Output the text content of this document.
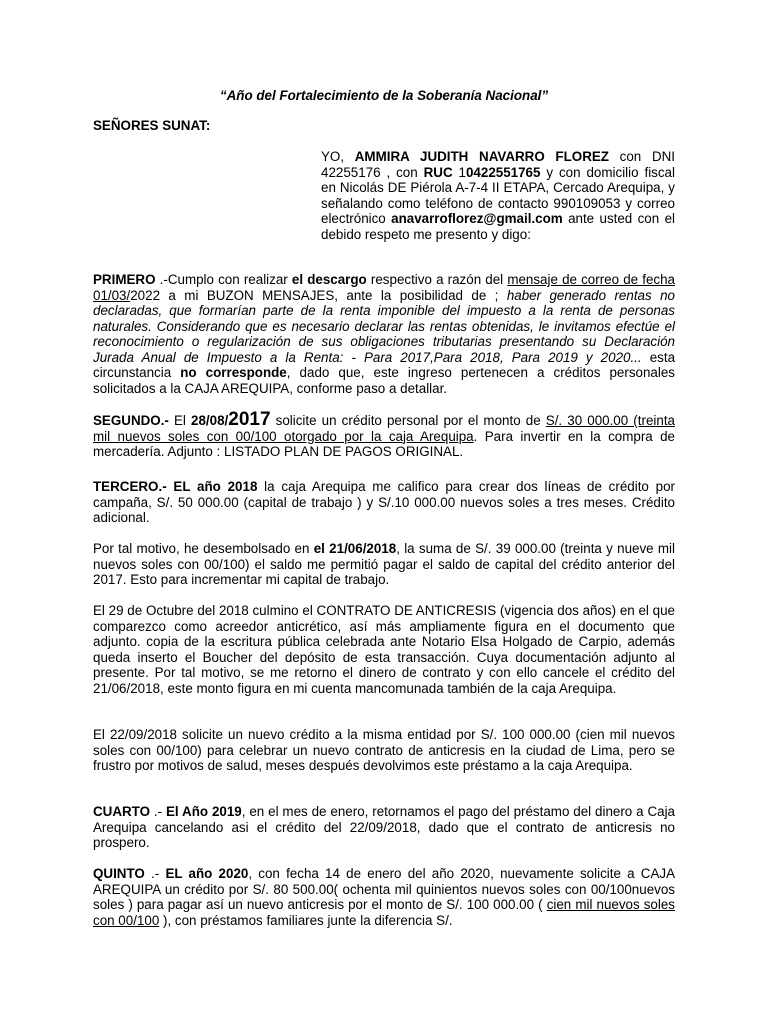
“Año del Fortalecimiento de la Soberanía Nacional”

SEÑORES SUNAT:

YO, AMMIRA JUDITH NAVARRO FLOREZ con DNI 42255176 , con RUC 10422551765 y con domicilio fiscal en Nicolás DE Piérola A-7-4 II ETAPA, Cercado Arequipa, y señalando como teléfono de contacto 990109053 y correo electrónico anavarroflorez@gmail.com ante usted con el debido respeto me presento y digo:

PRIMERO .-Cumplo con realizar el descargo respectivo a razón del mensaje de correo de fecha 01/03/2022 a mi BUZON MENSAJES, ante la posibilidad de ; haber generado rentas no declaradas, que formarían parte de la renta imponible del impuesto a la renta de personas naturales. Considerando que es necesario declarar las rentas obtenidas, le invitamos efectúe el reconocimiento o regularización de sus obligaciones tributarias presentando su Declaración Jurada Anual de Impuesto a la Renta: - Para 2017,Para 2018, Para 2019 y 2020... esta circunstancia no corresponde, dado que, este ingreso pertenecen a créditos personales solicitados a la CAJA AREQUIPA, conforme paso a detallar.

SEGUNDO.- El 28/08/2017 solicite un crédito personal por el monto de S/. 30 000.00 (treinta mil nuevos soles con 00/100 otorgado por la caja Arequipa. Para invertir en la compra de mercadería. Adjunto : LISTADO PLAN DE PAGOS ORIGINAL.

TERCERO.- EL año 2018 la caja Arequipa me califico para crear dos líneas de crédito por campaña, S/. 50 000.00 (capital de trabajo ) y S/.10 000.00 nuevos soles a tres meses. Crédito adicional.

Por tal motivo, he desembolsado en el 21/06/2018, la suma de S/. 39 000.00 (treinta y nueve mil nuevos soles con 00/100) el saldo me permitió pagar el saldo de capital del crédito anterior del 2017. Esto para incrementar mi capital de trabajo.

El 29 de Octubre del 2018 culmino el CONTRATO DE ANTICRESIS (vigencia dos años) en el que comparezco como acreedor anticrético, así más ampliamente figura en el documento que adjunto. copia de la escritura pública celebrada ante Notario Elsa Holgado de Carpio, además queda inserto el Boucher del depósito de esta transacción. Cuya documentación adjunto al presente. Por tal motivo, se me retorno el dinero de contrato y con ello cancele el crédito del 21/06/2018, este monto figura en mi cuenta mancomunada también de la caja Arequipa.

El 22/09/2018 solicite un nuevo crédito a la misma entidad por S/. 100 000.00 (cien mil nuevos soles con 00/100) para celebrar un nuevo contrato de anticresis en la ciudad de Lima, pero se frustro por motivos de salud, meses después devolvimos este préstamo a la caja Arequipa.

CUARTO .- El Año 2019, en el mes de enero, retornamos el pago del préstamo del dinero a Caja Arequipa cancelando asi el crédito del 22/09/2018, dado que el contrato de anticresis no prospero.

QUINTO .- EL año 2020, con fecha 14 de enero del año 2020, nuevamente solicite a CAJA AREQUIPA un crédito por S/. 80 500.00( ochenta mil quinientos nuevos soles con 00/100nuevos soles ) para pagar así un nuevo anticresis por el monto de S/. 100 000.00 ( cien mil nuevos soles con 00/100 ), con préstamos familiares junte la diferencia S/.
